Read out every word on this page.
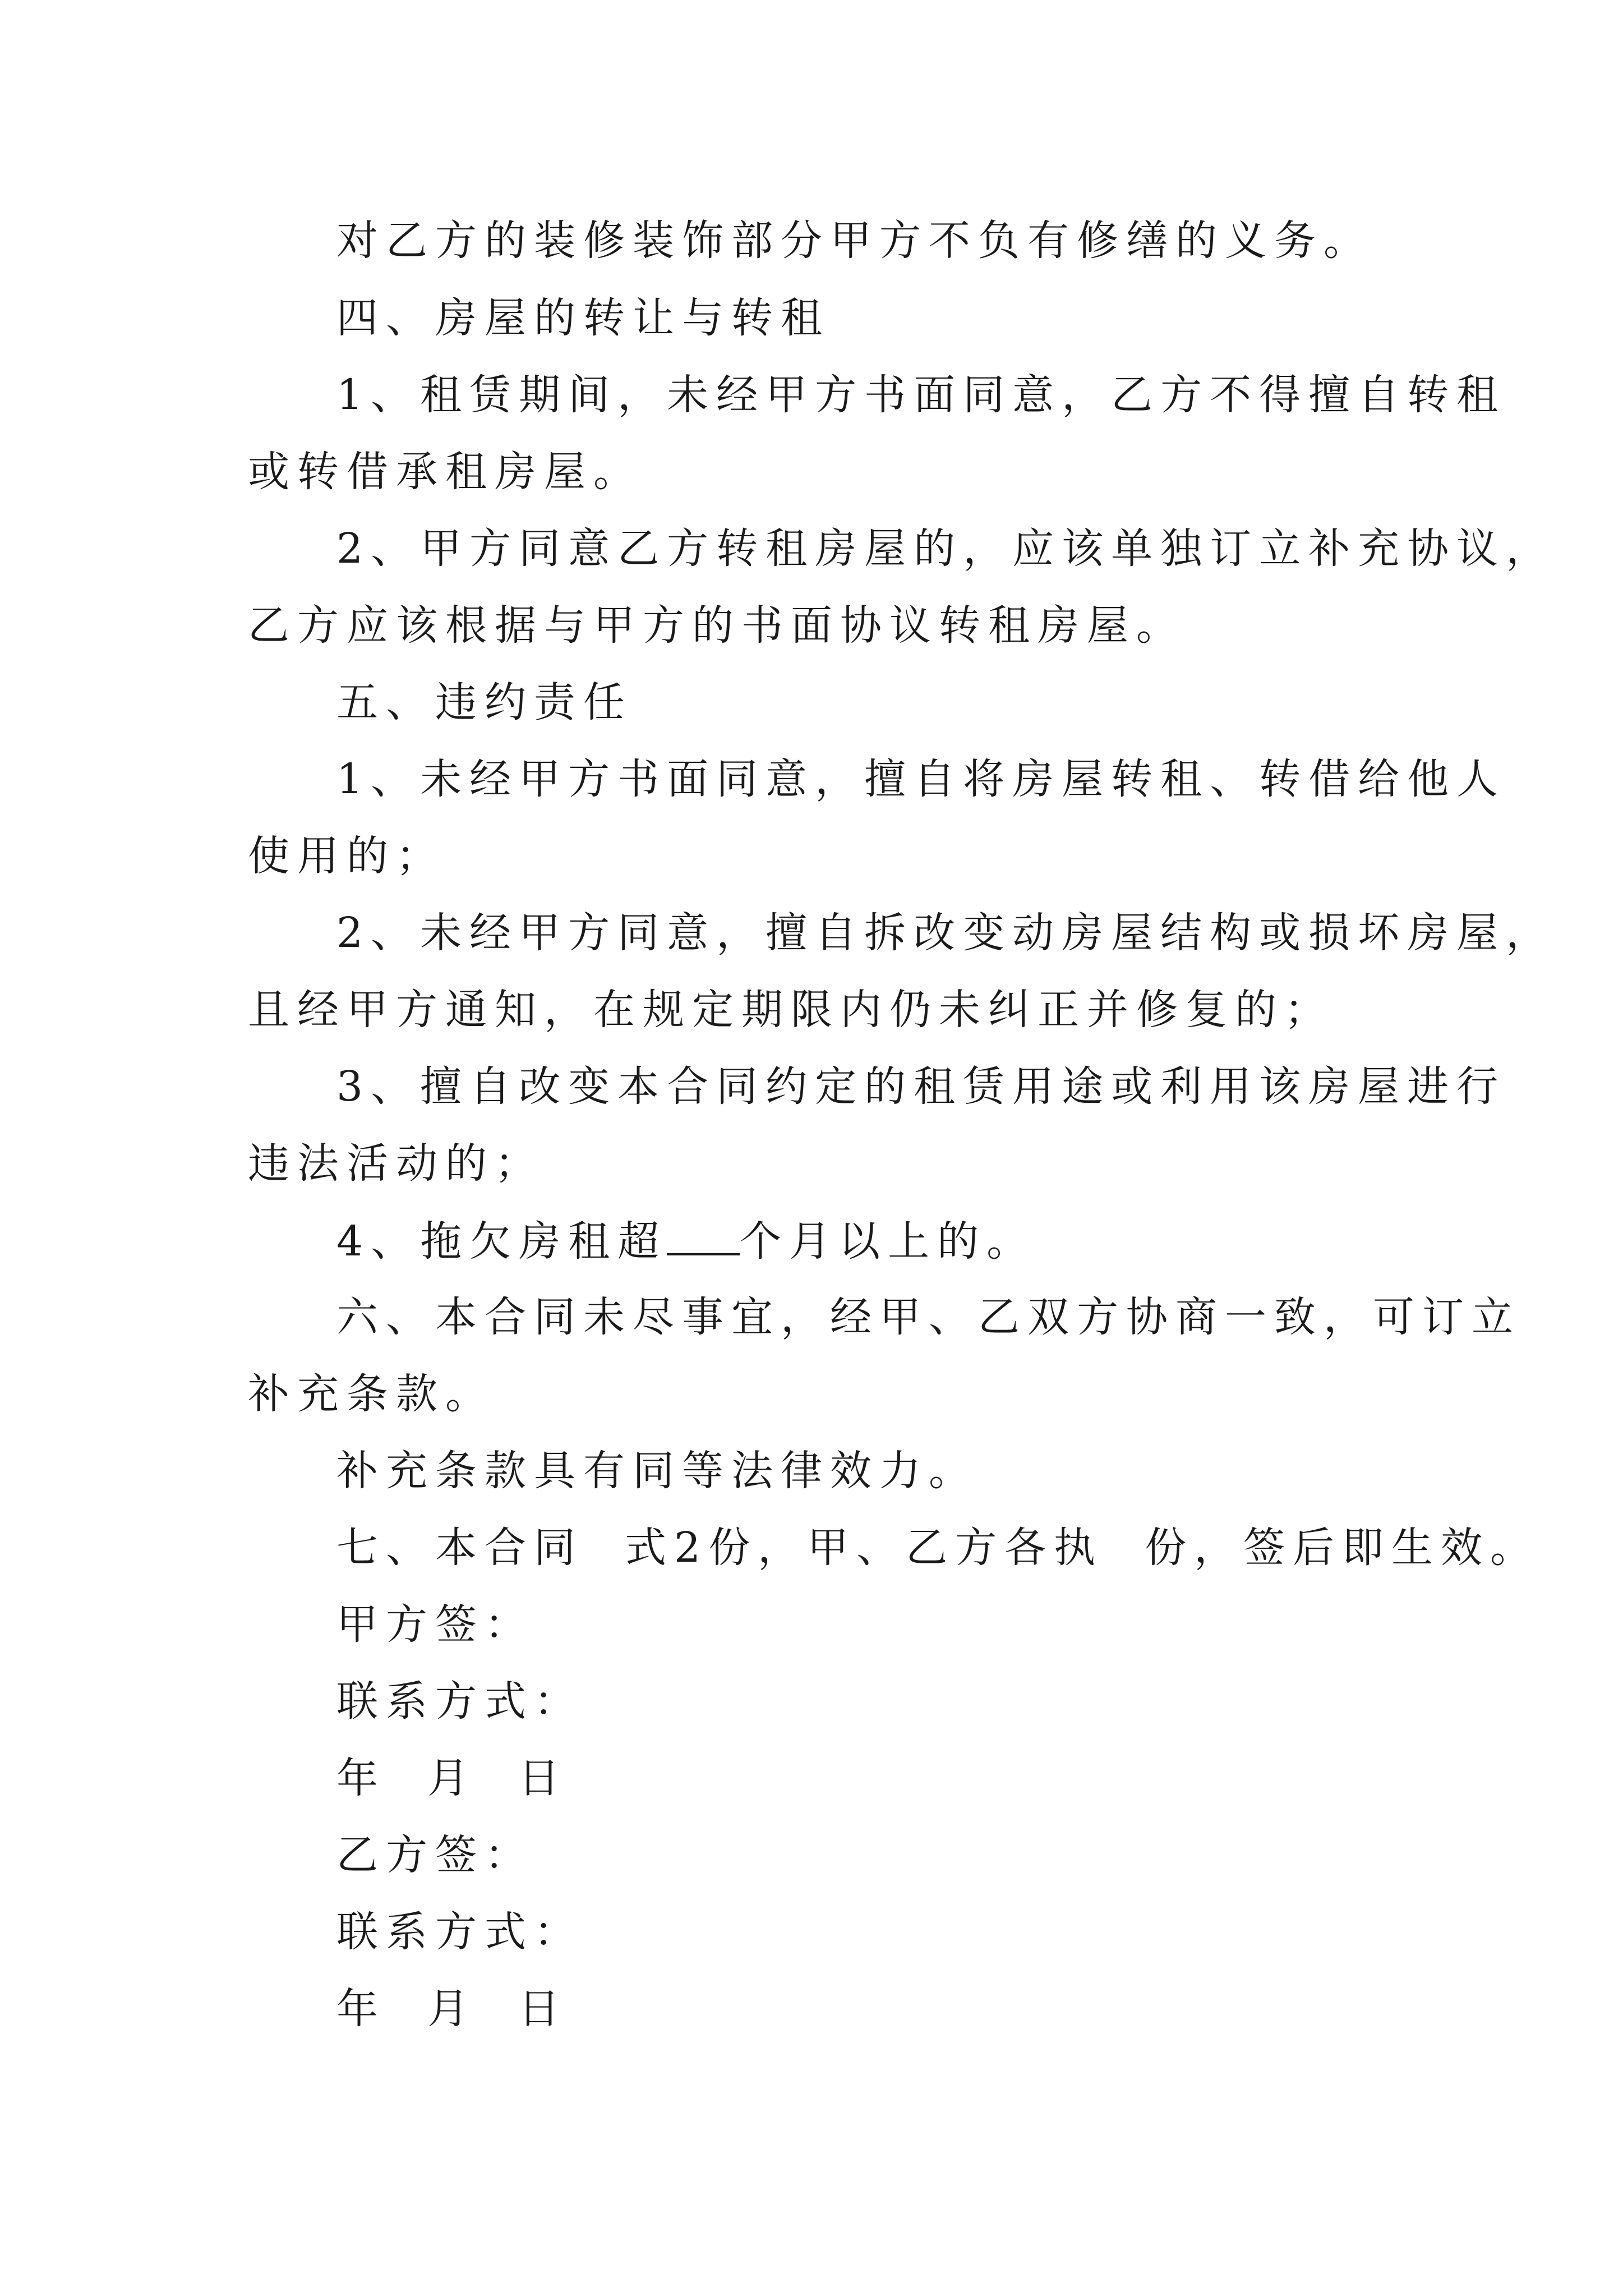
对乙方的装修装饰部分甲方不负有修缮的义务。
四、房屋的转让与转租
1、租赁期间，未经甲方书面同意，乙方不得擅自转租
或转借承租房屋。
2、甲方同意乙方转租房屋的，应该单独订立补充协议，
乙方应该根据与甲方的书面协议转租房屋。
五、违约责任
1、未经甲方书面同意，擅自将房屋转租、转借给他人
使用的；
2、未经甲方同意，擅自拆改变动房屋结构或损坏房屋，
且经甲方通知，在规定期限内仍未纠正并修复的；
3、擅自改变本合同约定的租赁用途或利用该房屋进行
违法活动的；
4、拖欠房租超 个月以上的。
六、本合同未尽事宜，经甲、乙双方协商一致，可订立
补充条款。
补充条款具有同等法律效力。
七、本合同 式2份，甲、乙方各执 份，签后即生效。
甲方签：
联系方式：
年 月 日
乙方签：
联系方式：
年 月 日
